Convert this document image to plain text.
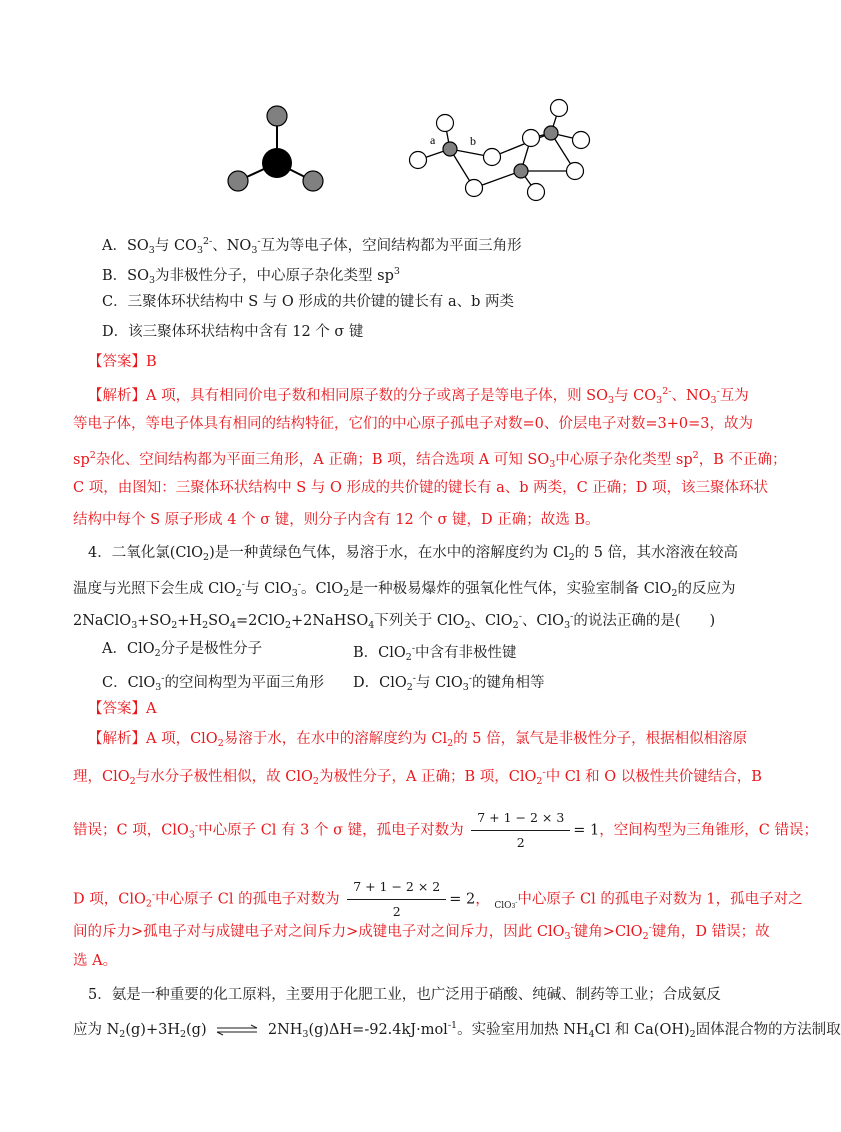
a	b
A．$SO_3$与 $CO_3^{2-}$、$NO_3^-$互为等电子体，空间结构都为平面三角形
B．$SO_3$为非极性分子，中心原子杂化类型 $sp^3$
C．三聚体环状结构中 S 与 O 形成的共价键的键长有 a、b 两类
D．该三聚体环状结构中含有 12 个 σ 键
【答案】B
【解析】A 项，具有相同价电子数和相同原子数的分子或离子是等电子体，则 $SO_3$与 $CO_3^{2-}$、$NO_3^-$互为
等电子体，等电子体具有相同的结构特征，它们的中心原子孤电子对数=0、价层电子对数=3+0=3，故为
$sp^2$杂化、空间结构都为平面三角形，A 正确；B 项，结合选项 A 可知 $SO_3$中心原子杂化类型 $sp^2$，B 不正确；
C 项，由图知：三聚体环状结构中 S 与 O 形成的共价键的键长有 a、b 两类，C 正确；D 项，该三聚体环状
结构中每个 S 原子形成 4 个 σ 键，则分子内含有 12 个 σ 键，D 正确；故选 B。
4．二氧化氯(ClO$_2$)是一种黄绿色气体，易溶于水，在水中的溶解度约为 $Cl_2$的 5 倍，其水溶液在较高
温度与光照下会生成 ClO$_2$-与 ClO$_3$-。ClO$_2$是一种极易爆炸的强氧化性气体，实验室制备 ClO$_2$的反应为
$2NaClO_3+SO_2+H_2SO_4=2ClO_2+2NaHSO_4$下列关于 ClO$_2$、ClO$_2$-、ClO$_3$-的说法正确的是(　　)
A．ClO$_2$分子是极性分子	B．ClO$_2$-中含有非极性键
C．ClO$_3$-的空间构型为平面三角形	D．ClO$_2$-与 ClO$_3$-的键角相等
【答案】A
【解析】A 项，ClO$_2$易溶于水，在水中的溶解度约为 $Cl_2$的 5 倍，氯气是非极性分子，根据相似相溶原
理，ClO$_2$与水分子极性相似，故 ClO$_2$为极性分子，A 正确；B 项，ClO$_2$-中 Cl 和 O 以极性共价键结合，B
错误；C 项，ClO$_3$-中心原子 Cl 有 3 个 σ 键，孤电子对数为 $\frac{7 + 1 - 2 \times 3}{2} = 1$，空间构型为三角锥形，C 错误；
D 项，ClO$_2$-中心原子 Cl 的孤电子对数为 $\frac{7 + 1 - 2 \times 2}{2} = 2$， $_{ClO3^-}$中心原子 Cl 的孤电子对数为 1，孤电子对之
间的斥力>孤电子对与成键电子对之间斥力>成键电子对之间斥力，因此 ClO$_3$-键角>ClO$_2$-键角，D 错误；故
选 A。
5．氨是一种重要的化工原料，主要用于化肥工业，也广泛用于硝酸、纯碱、制药等工业；合成氨反
应为 $N_2(g)+3H_2(g)$ ⇌ $2NH_3(g)\Delta H=-92.4kJ\cdot mol^{-1}$。实验室用加热 $NH_4Cl$ 和 $Ca(OH)_2$固体混合物的方法制取
